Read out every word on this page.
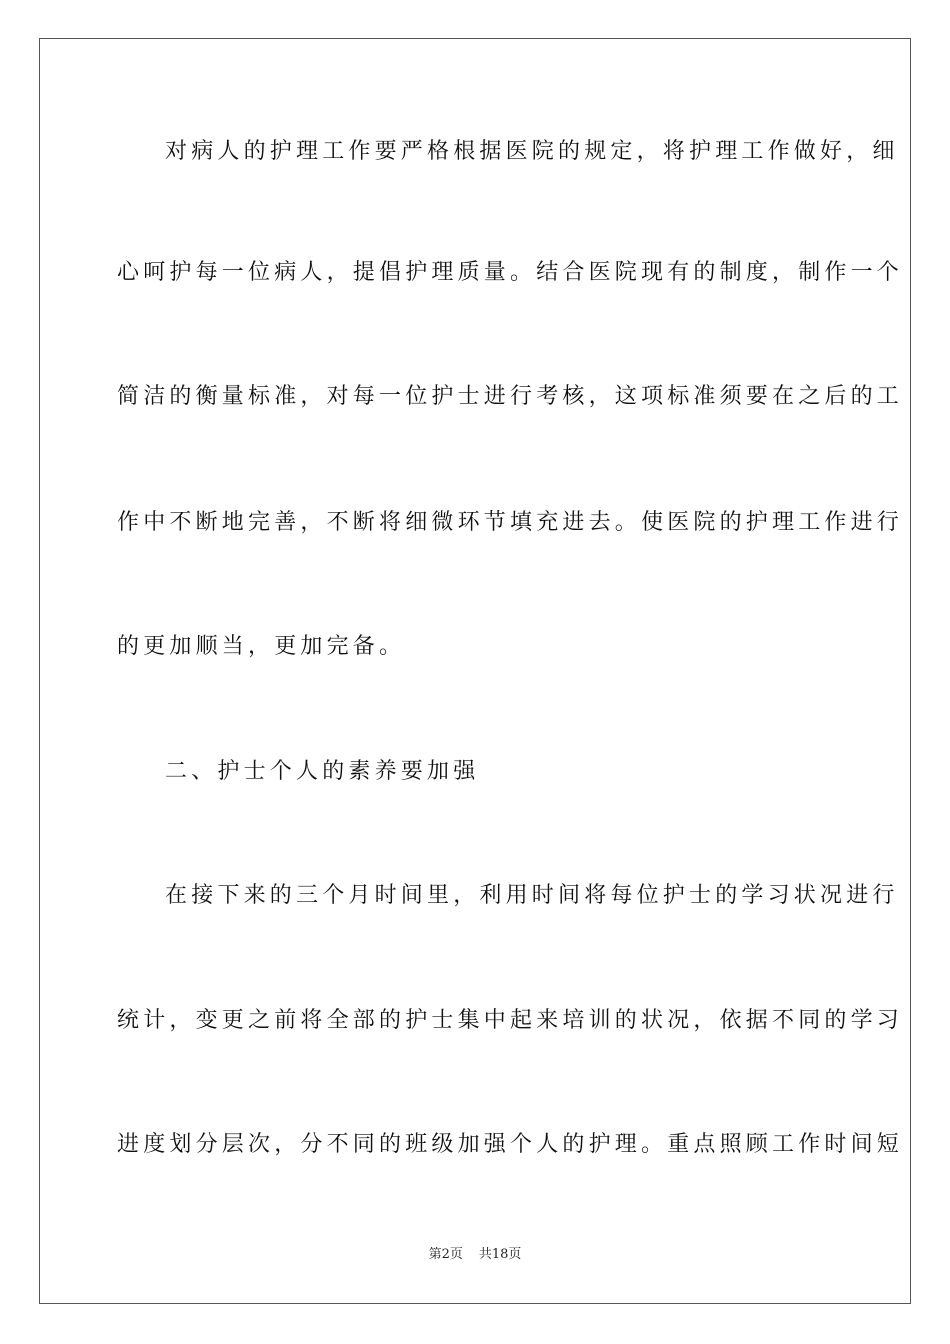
对病人的护理工作要严格根据医院的规定，将护理工作做好，细
心呵护每一位病人，提倡护理质量。结合医院现有的制度，制作一个
简洁的衡量标准，对每一位护士进行考核，这项标准须要在之后的工
作中不断地完善，不断将细微环节填充进去。使医院的护理工作进行
的更加顺当，更加完备。
二、护士个人的素养要加强
在接下来的三个月时间里，利用时间将每位护士的学习状况进行
统计，变更之前将全部的护士集中起来培训的状况，依据不同的学习
进度划分层次，分不同的班级加强个人的护理。重点照顾工作时间短
第2页 共18页
